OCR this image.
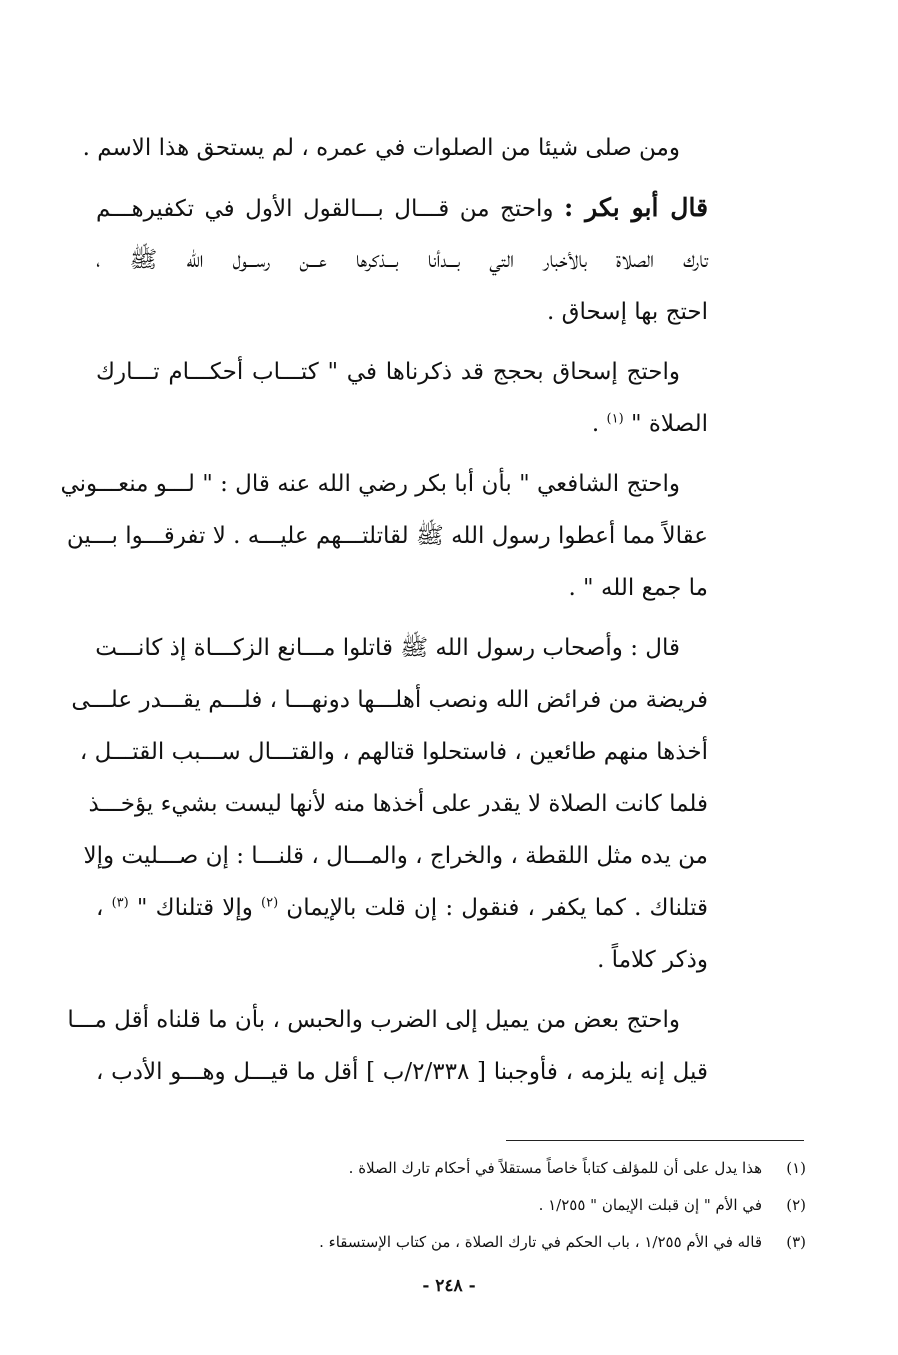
ومن صلى شيئا من الصلوات في عمره ، لم يستحق هذا الاسم .
قال أبو بكر : واحتج من قـــال بـــالقول الأول في تكفيرهـــم
تارك الصلاة بالأخبار التي بـــدأنا بـــذكرها عـــن رســـول الله ﷺ ،
احتج بها إسحاق .
واحتج إسحاق بحجج قد ذكرناها في " كتـــاب أحكـــام تـــارك
الصلاة " $^{(١)}$ .
واحتج الشافعي " بأن أبا بكر رضي الله عنه قال : " لـــو منعـــوني
عقالاً مما أعطوا رسول الله ﷺ لقاتلتـــهم عليـــه . لا تفرقـــوا بـــين
ما جمع الله " .
قال : وأصحاب رسول الله ﷺ قاتلوا مـــانع الزكـــاة إذ كانـــت
فريضة من فرائض الله ونصب أهلـــها دونهـــا ، فلـــم يقـــدر علـــى
أخذها منهم طائعين ، فاستحلوا قتالهم ، والقتـــال ســـبب القتـــل ،
فلما كانت الصلاة لا يقدر على أخذها منه لأنها ليست بشيء يؤخـــذ
من يده مثل اللقطة ، والخراج ، والمـــال ، قلنـــا : إن صـــليت وإلا
قتلناك . كما يكفر ، فنقول : إن قلت بالإيمان $^{(٢)}$ وإلا قتلناك " $^{(٣)}$ ،
وذكر كلاماً .
واحتج بعض من يميل إلى الضرب والحبس ، بأن ما قلناه أقل مـــا
قيل إنه يلزمه ، فأوجبنا [ ٢/٣٣٨/ب ] أقل ما قيـــل وهـــو الأدب ،
(١)هذا يدل على أن للمؤلف كتاباً خاصاً مستقلاً في أحكام تارك الصلاة .
(٢)في الأم " إن قبلت الإيمان " ١/٢٥٥ .
(٣)قاله في الأم ١/٢٥٥ ، باب الحكم في تارك الصلاة ، من كتاب الإستسقاء .
- ٢٤٨ -
